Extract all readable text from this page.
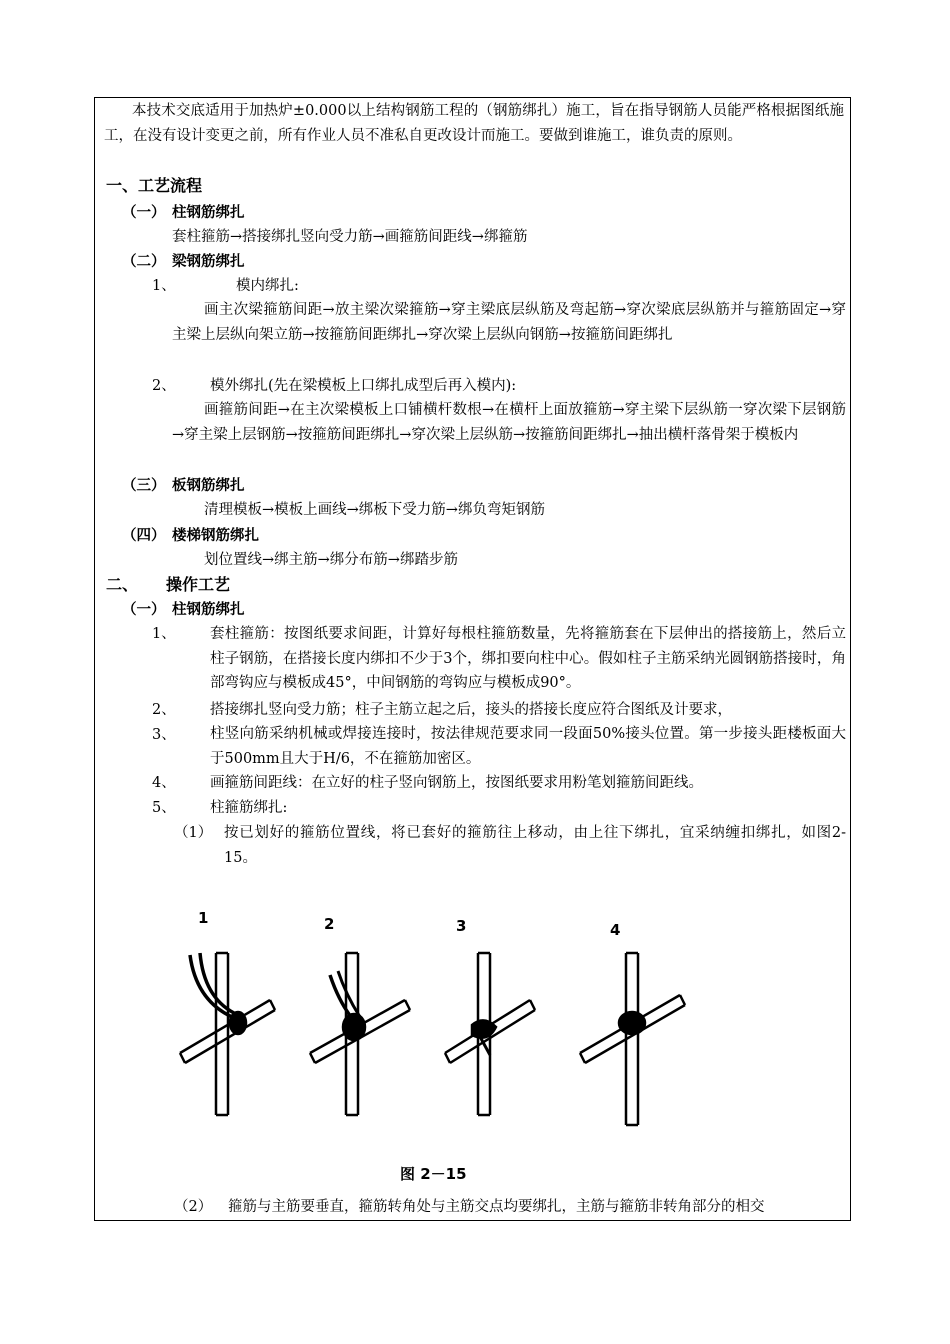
本技术交底适用于加热炉±0.000以上结构钢筋工程的（钢筋绑扎）施工，旨在指导钢筋人员能严格根据图纸施工，在没有设计变更之前，所有作业人员不准私自更改设计而施工。要做到谁施工，谁负责的原则。
一、工艺流程
（一） 柱钢筋绑扎
套柱箍筋→搭接绑扎竖向受力筋→画箍筋间距线→绑箍筋
（二） 梁钢筋绑扎
1、	模内绑扎:
画主次梁箍筋间距→放主梁次梁箍筋→穿主梁底层纵筋及弯起筋→穿次梁底层纵筋并与箍筋固定→穿主梁上层纵向架立筋→按箍筋间距绑扎→穿次梁上层纵向钢筋→按箍筋间距绑扎
2、 模外绑扎(先在梁模板上口绑扎成型后再入模内):
画箍筋间距→在主次梁模板上口铺横杆数根→在横杆上面放箍筋→穿主梁下层纵筋一穿次梁下层钢筋→穿主梁上层钢筋→按箍筋间距绑扎→穿次梁上层纵筋→按箍筋间距绑扎→抽出横杆落骨架于模板内
（三） 板钢筋绑扎
清理模板→模板上画线→绑板下受力筋→绑负弯矩钢筋
（四） 楼梯钢筋绑扎
划位置线→绑主筋→绑分布筋→绑踏步筋
二、 操作工艺
（一） 柱钢筋绑扎
1、 套柱箍筋：按图纸要求间距，计算好每根柱箍筋数量，先将箍筋套在下层伸出的搭接筋上，然后立柱子钢筋，在搭接长度内绑扣不少于3个，绑扣要向柱中心。假如柱子主筋采纳光圆钢筋搭接时，角部弯钩应与模板成45°，中间钢筋的弯钩应与模板成90°。
2、 搭接绑扎竖向受力筋；柱子主筋立起之后，接头的搭接长度应符合图纸及计要求，
3、 柱竖向筋采纳机械或焊接连接时，按法律规范要求同一段面50%接头位置。第一步接头距楼板面大于500mm且大于H/6，不在箍筋加密区。
4、 画箍筋间距线：在立好的柱子竖向钢筋上，按图纸要求用粉笔划箍筋间距线。
5、 柱箍筋绑扎:
（1） 按已划好的箍筋位置线，将已套好的箍筋往上移动，由上往下绑扎，宜采纳缠扣绑扎，如图2-15。
1	2	3	4
图 2－15
（2） 箍筋与主筋要垂直，箍筋转角处与主筋交点均要绑扎，主筋与箍筋非转角部分的相交
